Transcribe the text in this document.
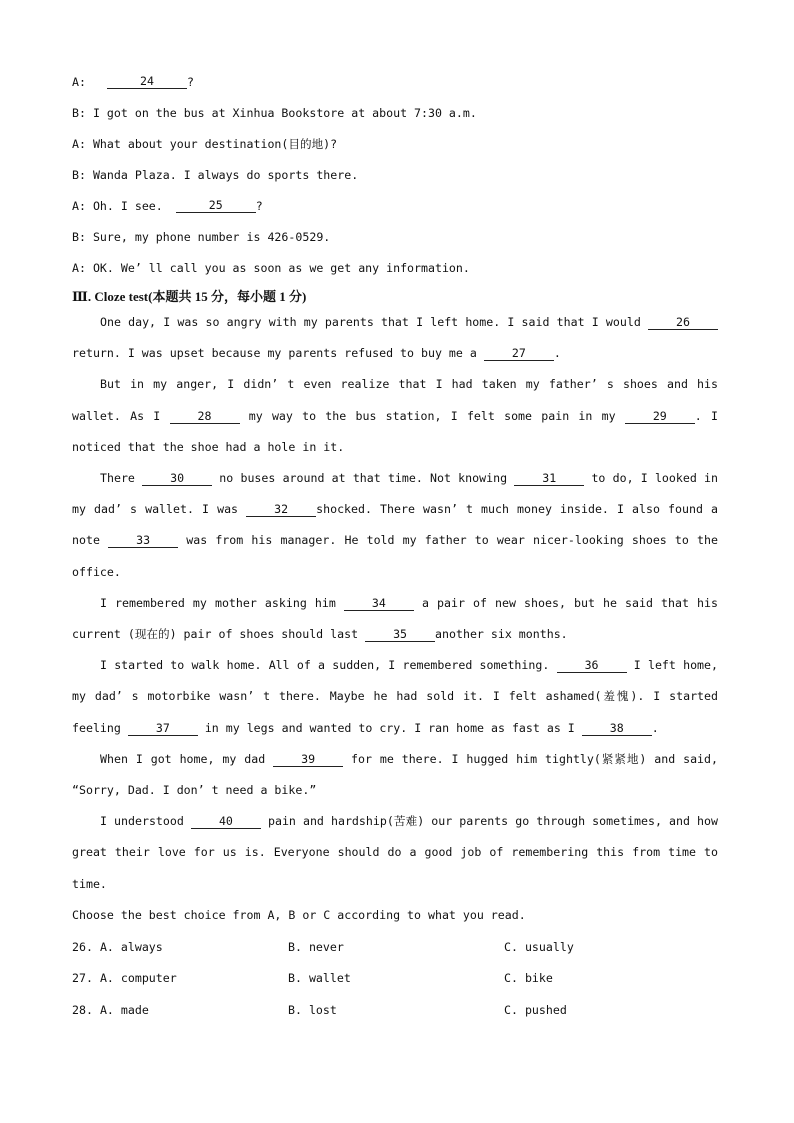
A:
	24	?
B:
I got on the bus at Xinhua Bookstore at about 7:30 a.m.
A:
What about your destination(目的地)?
B:
Wanda Plaza. I always do sports there.
A:
Oh. I see.	25	?
B:
Sure, my phone number is 426-0529.
A:
OK. We’ ll call you as soon as we get any information.
Ⅲ. Cloze test(本题共 15 分，每小题 1 分)

One day, I was so angry with my parents that I left home. I said that I would 26 return. I was upset because my parents refused to buy me a 27 .

But in my anger, I didn’ t even realize that I had taken my father’ s shoes and his wallet. As I 28 my way to the bus station, I felt some pain in my 29 . I noticed that the shoe had a hole in it.

There 30 no buses around at that time. Not knowing 31 to do, I looked in my dad’ s wallet. I was 32 shocked. There wasn’ t much money inside. I also found a note 33 was from his manager. He told my father to wear nicer-looking shoes to the office.

I remembered my mother asking him 34 a pair of new shoes, but he said that his current (现在的) pair of shoes should last 35 another six months.

I started to walk home. All of a sudden, I remembered something. 36 I left home, my dad’ s motorbike wasn’ t there. Maybe he had sold it. I felt ashamed(羞愧). I started feeling 37 in my legs and wanted to cry. I ran home as fast as I 38 .

When I got home, my dad 39 for me there. I hugged him tightly(紧紧地) and said, “Sorry, Dad. I don’ t need a bike.”

I understood 40 pain and hardship(苦难) our parents go through sometimes, and how great their love for us is. Everyone should do a good job of remembering this from time to time.

Choose the best choice from A, B or C according to what you read.
26. A. always	B. never	C. usually
27. A. computer	B. wallet	C. bike
28. A. made	B. lost	C. pushed
